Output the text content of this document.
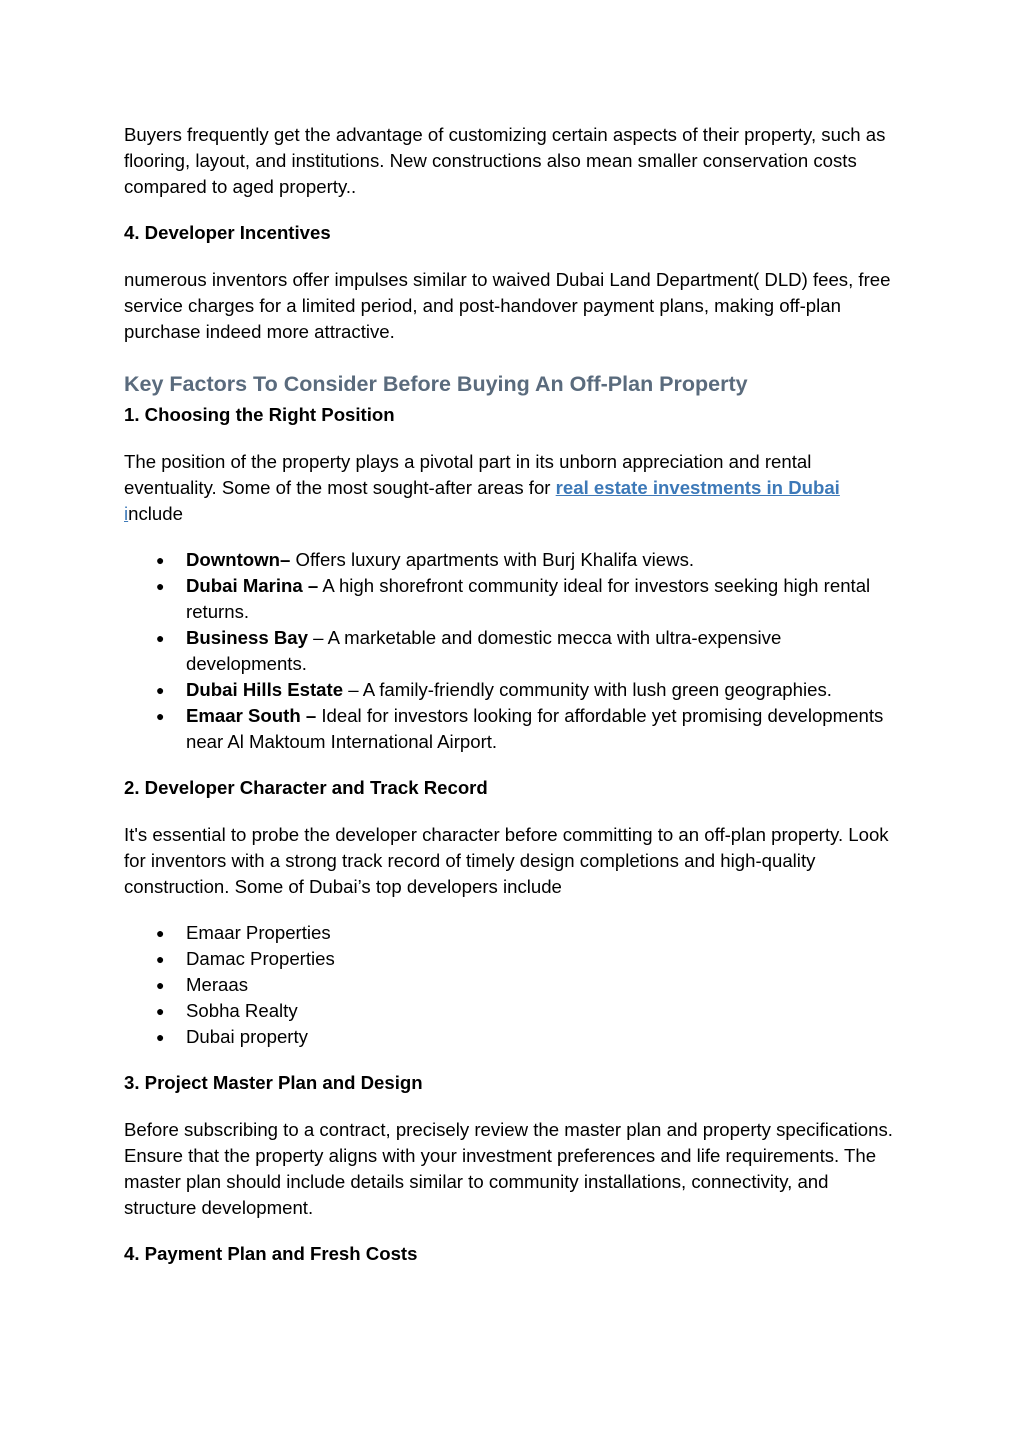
Buyers frequently get the advantage of customizing certain aspects of their property, such as flooring, layout, and institutions. New constructions also mean smaller conservation costs compared to aged property..

4. Developer Incentives

numerous inventors offer impulses similar to waived Dubai Land Department( DLD) fees, free service charges for a limited period, and post-handover payment plans, making off-plan purchase indeed more attractive.

Key Factors To Consider Before Buying An Off-Plan Property

1. Choosing the Right Position

The position of the property plays a pivotal part in its unborn appreciation and rental eventuality. Some of the most sought-after areas for real estate investments in Dubai
include

● Downtown– Offers luxury apartments with Burj Khalifa views.
● Dubai Marina – A high shorefront community ideal for investors seeking high rental returns.
● Business Bay – A marketable and domestic mecca with ultra-expensive developments.
● Dubai Hills Estate – A family-friendly community with lush green geographies.
● Emaar South – Ideal for investors looking for affordable yet promising developments near Al Maktoum International Airport.

2. Developer Character and Track Record

It's essential to probe the developer character before committing to an off-plan property. Look for inventors with a strong track record of timely design completions and high-quality construction. Some of Dubai’s top developers include

● Emaar Properties
● Damac Properties
● Meraas
● Sobha Realty
● Dubai property

3. Project Master Plan and Design

Before subscribing to a contract, precisely review the master plan and property specifications. Ensure that the property aligns with your investment preferences and life requirements. The master plan should include details similar to community installations, connectivity, and structure development.

4. Payment Plan and Fresh Costs
